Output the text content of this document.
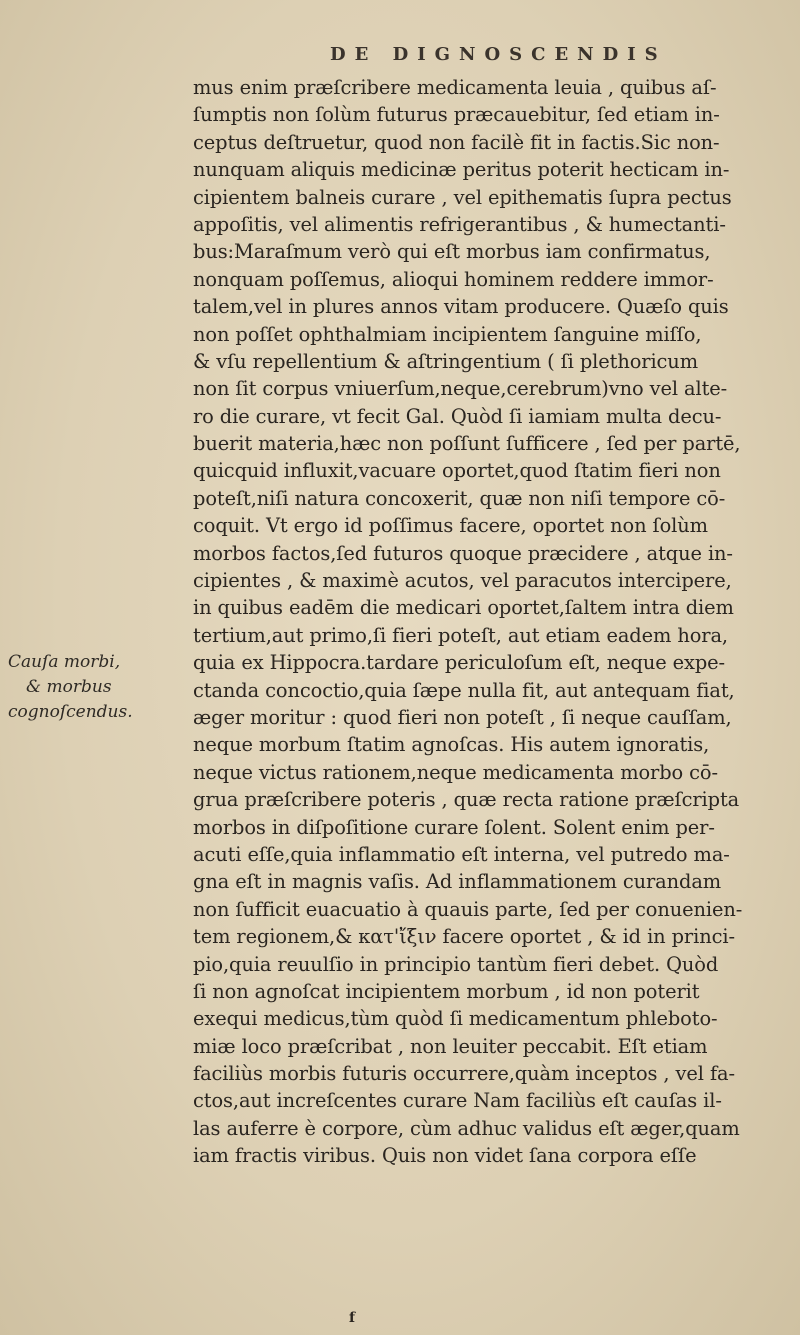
DE DIGNOSCENDIS
Cauſa morbi,
& morbus
cognoſcendus.
mus enim præſcribere medicamenta leuia , quibus aſ-
ſumptis non ſolùm futurus præcauebitur, ſed etiam in-
ceptus deſtruetur, quod non facilè fit in factis.Sic non-
nunquam aliquis medicinæ peritus poterit hecticam in-
cipientem balneis curare , vel epithematis ſupra pectus
appoſitis, vel alimentis refrigerantibus , & humectanti-
bus:Maraſmum verò qui eſt morbus iam confirmatus,
nonquam poſſemus, alioqui hominem reddere immor-
talem,vel in plures annos vitam producere. Quæſo quis
non poſſet ophthalmiam incipientem ſanguine miſſo,
& vſu repellentium & aſtringentium ( ſi plethoricum
non ſit corpus vniuerſum,neque,cerebrum)vno vel alte-
ro die curare, vt fecit Gal. Quòd ſi iamiam multa decu-
buerit materia,hæc non poſſunt ſufficere , ſed per partē,
quicquid influxit,vacuare oportet,quod ſtatim fieri non
poteſt,niſi natura concoxerit, quæ non niſi tempore cō-
coquit. Vt ergo id poſſimus facere, oportet non ſolùm
morbos factos,ſed futuros quoque præcidere , atque in-
cipientes , & maximè acutos, vel paracutos intercipere,
in quibus eadēm die medicari oportet,ſaltem intra diem
tertium,aut primo,ſi fieri poteſt, aut etiam eadem hora,
quia ex Hippocra.tardare periculoſum eſt, neque expe-
ctanda concoctio,quia ſæpe nulla fit, aut antequam fiat,
æger moritur : quod fieri non poteſt , ſi neque cauſſam,
neque morbum ſtatim agnoſcas. His autem ignoratis,
neque victus rationem,neque medicamenta morbo cō-
grua præſcribere poteris , quæ recta ratione præſcripta
morbos in diſpoſitione curare ſolent. Solent enim per-
acuti eſſe,quia inflammatio eſt interna, vel putredo ma-
gna eſt in magnis vaſis. Ad inflammationem curandam
non ſufficit euacuatio à quauis parte, ſed per conuenien-
tem regionem,& κατ'ἴξιν facere oportet , & id in princi-
pio,quia reuulſio in principio tantùm fieri debet. Quòd
ſi non agnoſcat incipientem morbum , id non poterit
exequi medicus,tùm quòd ſi medicamentum phleboto-
miæ loco præſcribat , non leuiter peccabit. Eſt etiam
faciliùs morbis futuris occurrere,quàm inceptos , vel fa-
ctos,aut increſcentes curare Nam faciliùs eſt cauſas il-
las auferre è corpore, cùm adhuc validus eſt æger,quam
iam fractis viribus. Quis non videt ſana corpora eſſe
f
